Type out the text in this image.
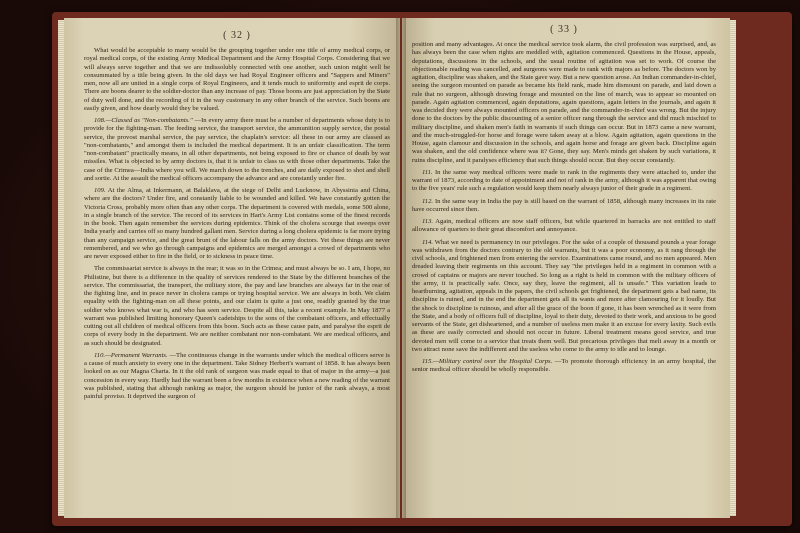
( 32 )

What would be acceptable to many would be the grouping together under one title of army medical corps, or royal medical corps, of the existing Army Medical Department and the Army Hospital Corps. Considering that we will always serve together and that we are indissolubly connected with one another, such union might well be consummated by a title being given. In the old days we had Royal Engineer officers and "Sappers and Miners" men, now all are united in a single corps of Royal Engineers, and it tends much to uniformity and esprit de corps. There are boons dearer to the soldier-doctor than any increase of pay. Those boons are just appreciation by the State of duty well done, and the recording of it in the way customary in any other branch of the service. Such boons are easily given, and how dearly would they be valued.

108.—Classed as "Non-combatants." —In every army there must be a number of departments whose duty is to provide for the fighting-man. The feeding service, the transport service, the ammunition supply service, the postal service, the provost marshal service, the pay service, the chaplain's service: all these in our army are classed as "non-combatants," and amongst them is included the medical department. It is an unfair classification. The term "non-combatant" practically means, in all other departments, not being exposed to fire or chance of death by war missiles. What is objected to by army doctors is, that it is unfair to class us with those other departments. Take the case of the Crimea—India where you will. We march down to the trenches, and are daily exposed to shot and shell and sortie. At the assault the medical officers accompany the advance and are constantly under fire.

109. At the Alma, at Inkermann, at Balaklava, at the siege of Delhi and Lucknow, in Abyssinia and China, where are the doctors? Under fire, and constantly liable to be wounded and killed. We have constantly gotten the Victoria Cross, probably more often than any other corps. The department is covered with medals, some 500 alone, in a single branch of the service. The record of its services in Hart's Army List contains some of the finest records in the book. Then again remember the services during epidemics. Think of the cholera scourge that sweeps over India yearly and carries off so many hundred gallant men. Service during a long cholera epidemic is far more trying than any campaign service, and the great brunt of the labour falls on the army doctors. Yet these things are never remembered, and we who go through campaigns and epidemics are merged amongst a crowd of departments who are never exposed either to fire in the field, or to sickness in peace time.

The commissariat service is always in the rear; it was so in the Crimea; and must always be so. I am, I hope, no Philistine, but there is a difference in the quality of services rendered to the State by the different branches of the service. The commissariat, the transport, the military store, the pay and law branches are always far in the rear of the fighting line, and in peace never in cholera camps or trying hospital service. We are always in both. We claim equality with the fighting-man on all these points, and our claim is quite a just one, readily granted by the true soldier who knows what war is, and who has seen service. Despite all this, take a recent example. In May 1877 a warrant was published limiting honorary Queen's cadetships to the sons of the combatant officers, and effectually cutting out all children of medical officers from this boon. Such acts as these cause pain, and paralyse the esprit de corps of every body in the department. We are neither combatant nor non-combatant. We are medical officers, and as such should be designated.

110.—Permanent Warrants. —The continuous change in the warrants under which the medical officers serve is a cause of much anxiety to every one in the department. Take Sidney Herbert's warrant of 1858. It has always been looked on as our Magna Charta. In it the old rank of surgeon was made equal to that of major in the army—a just concession in every way. Hardly had the warrant been a few months in existence when a new reading of the warrant was published, stating that although ranking as major, the surgeon should be junior of the rank always, a most painful proviso. It deprived the surgeon of

( 33 )

position and many advantages. At once the medical service took alarm, the civil profession was surprised, and, as has always been the case when rights are meddled with, agitation commenced. Questions in the House, appeals, deputations, discussions in the schools, and the usual routine of agitation was set to work. Of course the objectionable reading was cancelled, and surgeons were made to rank with majors as before. The doctors won by agitation, discipline was shaken, and the State gave way. But a new question arose. An Indian commander-in-chief, seeing the surgeon mounted on parade as became his field rank, made him dismount on parade, and laid down a rule that no surgeon, although drawing forage and mounted on the line of march, was to appear so mounted on parade. Again agitation commenced, again deputations, again questions, again letters in the journals, and again it was decided they were always mounted officers on parade, and the commander-in-chief was wrong. But the injury done to the doctors by the public discounting of a senior officer rang through the service and did much mischief to military discipline, and shaken men's faith in warrants if such things can occur. But in 1873 came a new warrant, and the much-struggled-for horse and forage were taken away at a blow. Again agitation, again questions in the House, again clamour and discussion in the schools, and again horse and forage are given back. Discipline again was shaken, and the old confidence where was it? Gone, they say. Men's minds get shaken by such variations, it ruins discipline, and it paralyses efficiency that such things should occur. But they occur constantly.

111. In the same way medical officers were made to rank in the regiments they were attached to, under the warrant of 1873, according to date of appointment and not of rank in the army, although it was apparent that owing to the five years' rule such a regulation would keep them nearly always junior of their grade in a regiment.

112. In the same way in India the pay is still based on the warrant of 1858, although many increases in its rate have occurred since then.

113. Again, medical officers are now staff officers, but while quartered in barracks are not entitled to staff allowance of quarters to their great discomfort and annoyance.

114. What we need is permanency in our privileges. For the sake of a couple of thousand pounds a year forage was withdrawn from the doctors contrary to the old warrants, but it was a poor economy, as it rang through the civil schools, and frightened men from entering the service. Examinations came round, and no men appeared. Men dreaded leaving their regiments on this account. They say "the privileges held in a regiment in common with a crowd of captains or majors are never touched. So long as a right is held in common with the military officers of the army, it is practically safe. Once, say they, leave the regiment, all is unsafe." This variation leads to heartburning, agitation, appeals in the papers, the civil schools get frightened, the department gets a bad name, its discipline is ruined, and in the end the department gets all its wants and more after clamouring for it loudly. But the shock to discipline is ruinous, and after all the grace of the boon if gone, it has been wrenched as it were from the State, and a body of officers full of discipline, loyal to their duty, devoted to their work, and anxious to be good servants of the State, get disheartened, and a number of useless men make it an excuse for every laxity. Such evils as these are easily corrected and should not occur in future. Liberal treatment means good service, and true devoted men will come to a service that treats them well. But precarious privileges that melt away in a month or two attract none save the indifferent and the useless who come to the army to idle and to lounge.

115.—Military control over the Hospital Corps. —To promote thorough efficiency in an army hospital, the senior medical officer should be wholly responsible.
